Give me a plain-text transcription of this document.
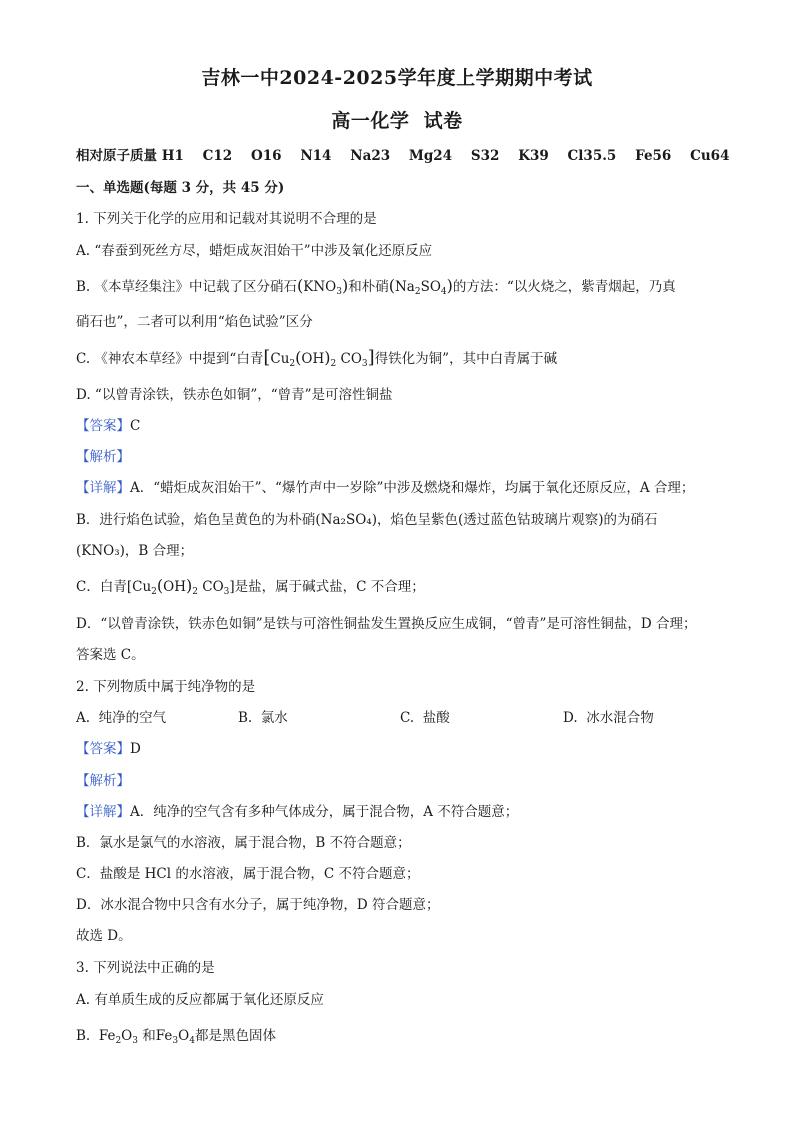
吉林一中2024-2025学年度上学期期中考试
高一化学  试卷
相对原子质量 H1    C12    O16    N14    Na23    Mg24    S32    K39    Cl35.5    Fe56    Cu64
一、单选题(每题 3 分，共 45 分)
1. 下列关于化学的应用和记载对其说明不合理的是
A. “春蚕到死丝方尽，蜡炬成灰泪始干”中涉及氧化还原反应
B. 《本草经集注》中记载了区分硝石$(KNO_3)$和朴硝$(Na_2SO_4)$的方法：“以火烧之，紫青烟起，乃真
硝石也”，二者可以利用“焰色试验”区分
C. 《神农本草经》中提到“白青[$Cu_2(OH)_2$ $CO_3$]得铁化为铜”，其中白青属于碱
D. “以曾青涂铁，铁赤色如铜”，“曾青”是可溶性铜盐
【答案】C
【解析】
【详解】A．“蜡炬成灰泪始干”、“爆竹声中一岁除”中涉及燃烧和爆炸，均属于氧化还原反应，A 合理；
B．进行焰色试验，焰色呈黄色的为朴硝(Na₂SO₄)，焰色呈紫色(透过蓝色钴玻璃片观察)的为硝石
(KNO₃)，B 合理；
C．白青[$Cu_2(OH)_2$ $CO_3$]是盐，属于碱式盐，C 不合理；
D．“以曾青涂铁，铁赤色如铜”是铁与可溶性铜盐发生置换反应生成铜，“曾青”是可溶性铜盐，D 合理；
答案选 C。
2. 下列物质中属于纯净物的是
A.  纯净的空气	B.  氯水	C.  盐酸	D.  冰水混合物
【答案】D
【解析】
【详解】A．纯净的空气含有多种气体成分，属于混合物，A 不符合题意；
B．氯水是氯气的水溶液，属于混合物，B 不符合题意；
C．盐酸是 HCl 的水溶液，属于混合物，C 不符合题意；
D．冰水混合物中只含有水分子，属于纯净物，D 符合题意；
故选 D。
3. 下列说法中正确的是
A. 有单质生成的反应都属于氧化还原反应
B. $Fe_2O_3$ 和$Fe_3O_4$都是黑色固体
